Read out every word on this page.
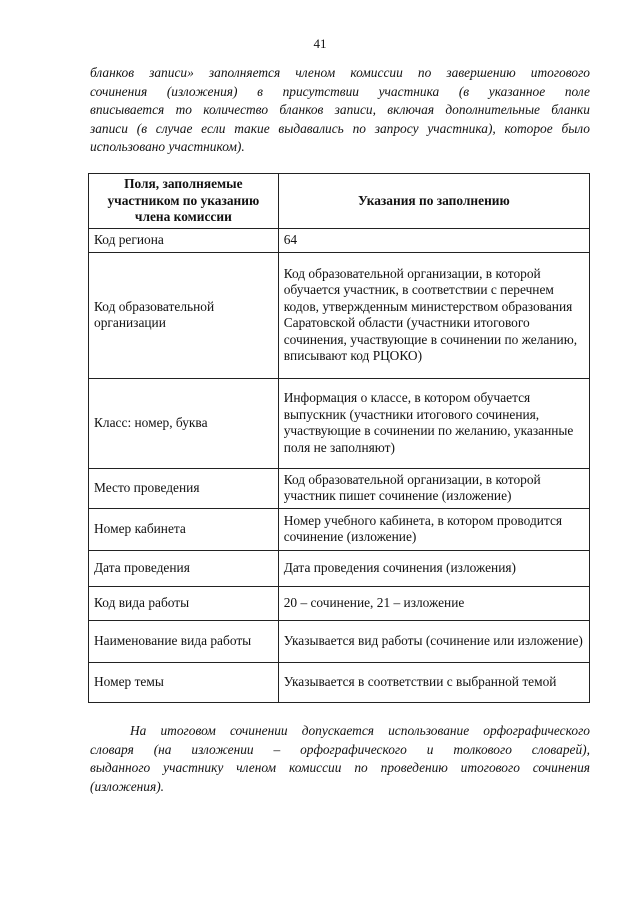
41

бланков записи» заполняется членом комиссии по завершению итогового
сочинения (изложения) в присутствии участника (в указанное поле
вписывается то количество бланков записи, включая дополнительные бланки
записи (в случае если такие выдавались по запросу участника), которое было
использовано участником).

Поля, заполняемые участником по указанию члена комиссии	Указания по заполнению
Код региона	64
Код образовательной организации	Код образовательной организации, в которой обучается участник, в соответствии с перечнем кодов, утвержденным министерством образования Саратовской области (участники итогового сочинения, участвующие в сочинении по желанию, вписывают код РЦОКО)
Класс: номер, буква	Информация о классе, в котором обучается выпускник (участники итогового сочинения, участвующие в сочинении по желанию, указанные поля не заполняют)
Место проведения	Код образовательной организации, в которой участник пишет сочинение (изложение)
Номер кабинета	Номер учебного кабинета, в котором проводится сочинение (изложение)
Дата проведения	Дата проведения сочинения (изложения)
Код вида работы	20 – сочинение, 21 – изложение
Наименование вида работы	Указывается вид работы (сочинение или изложение)
Номер темы	Указывается в соответствии с выбранной темой

На итоговом сочинении допускается использование орфографического
словаря (на изложении – орфографического и толкового словарей),
выданного участнику членом комиссии по проведению итогового сочинения
(изложения).
